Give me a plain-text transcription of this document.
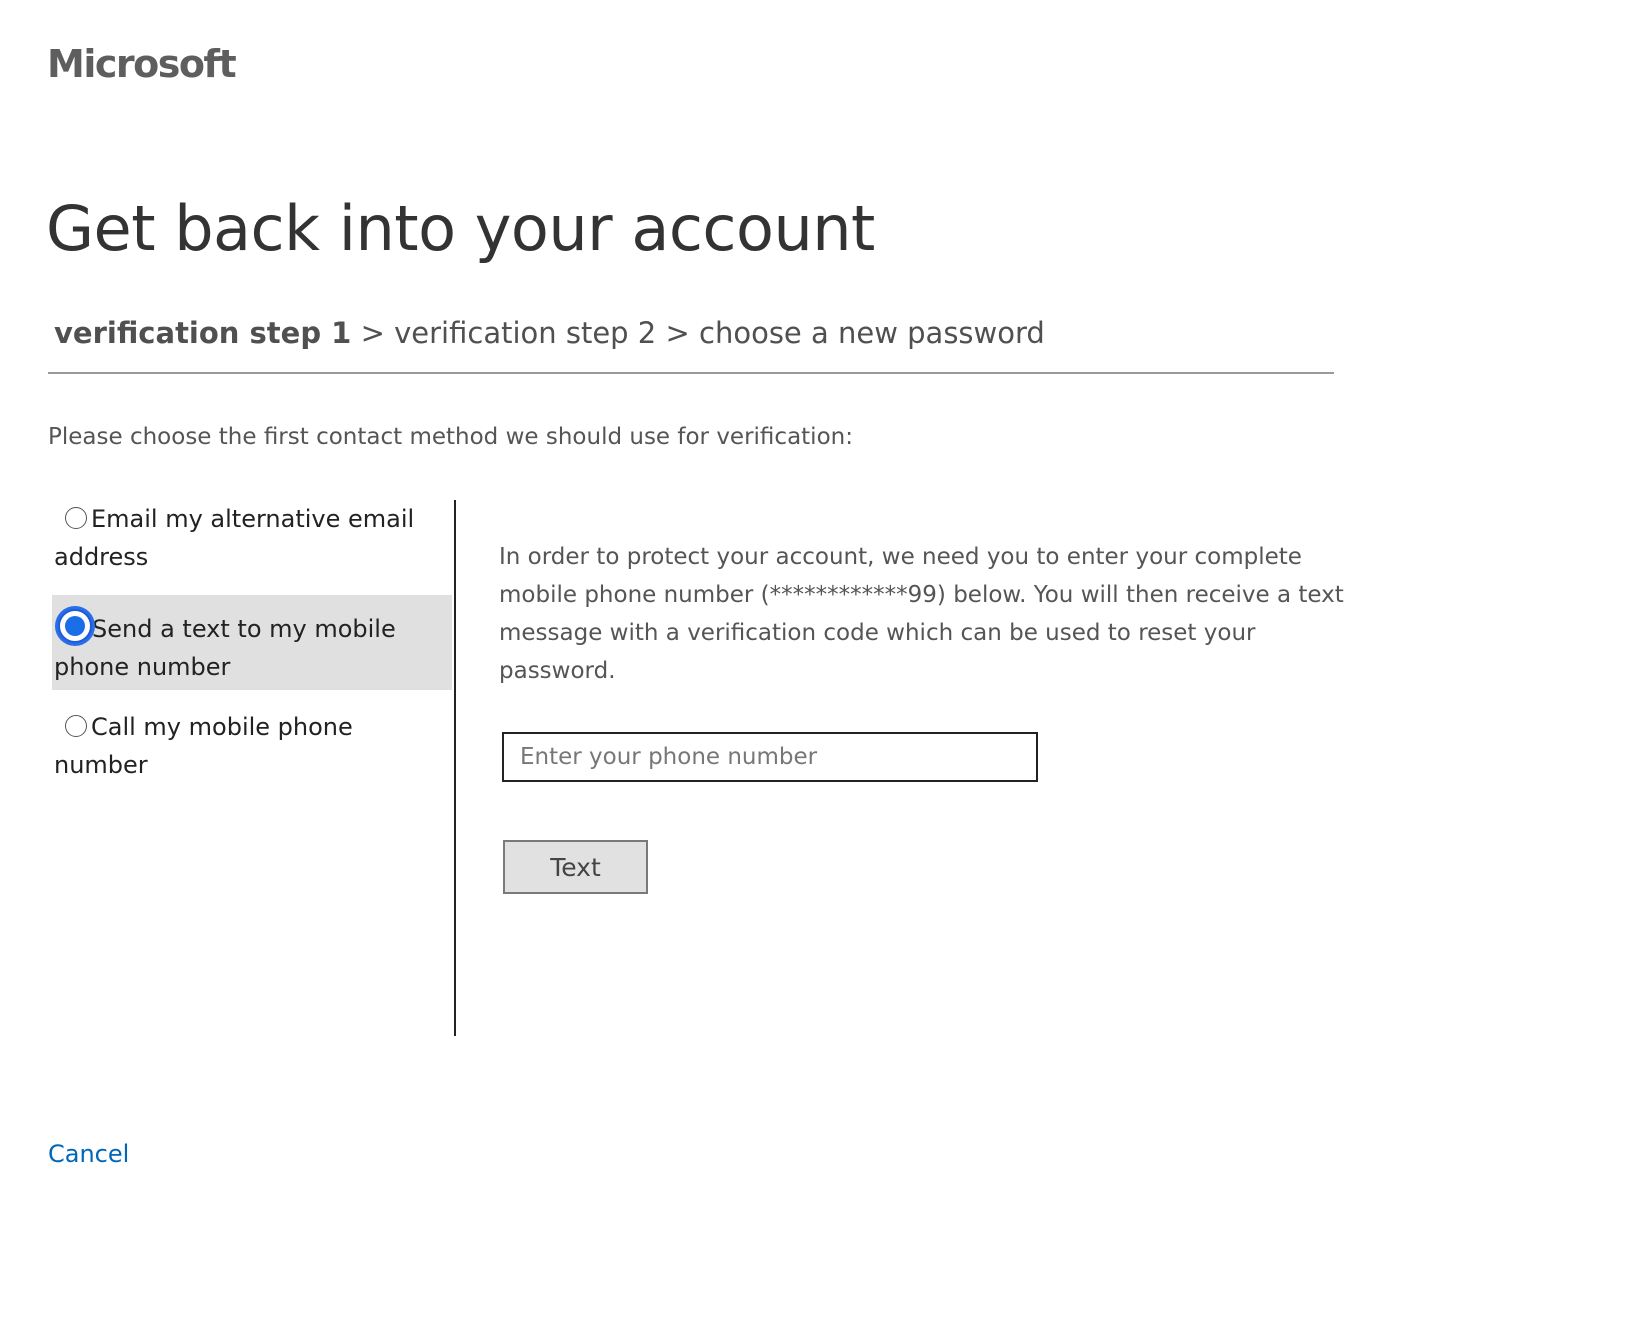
Microsoft
Get back into your account
verification step 1 > verification step 2 > choose a new password
Please choose the first contact method we should use for verification:
Email my alternative email address
Send a text to my mobile phone number
Call my mobile phone number
In order to protect your account, we need you to enter your complete mobile phone number (************99) below. You will then receive a text message with a verification code which can be used to reset your password.
Enter your phone number
Text
Cancel
